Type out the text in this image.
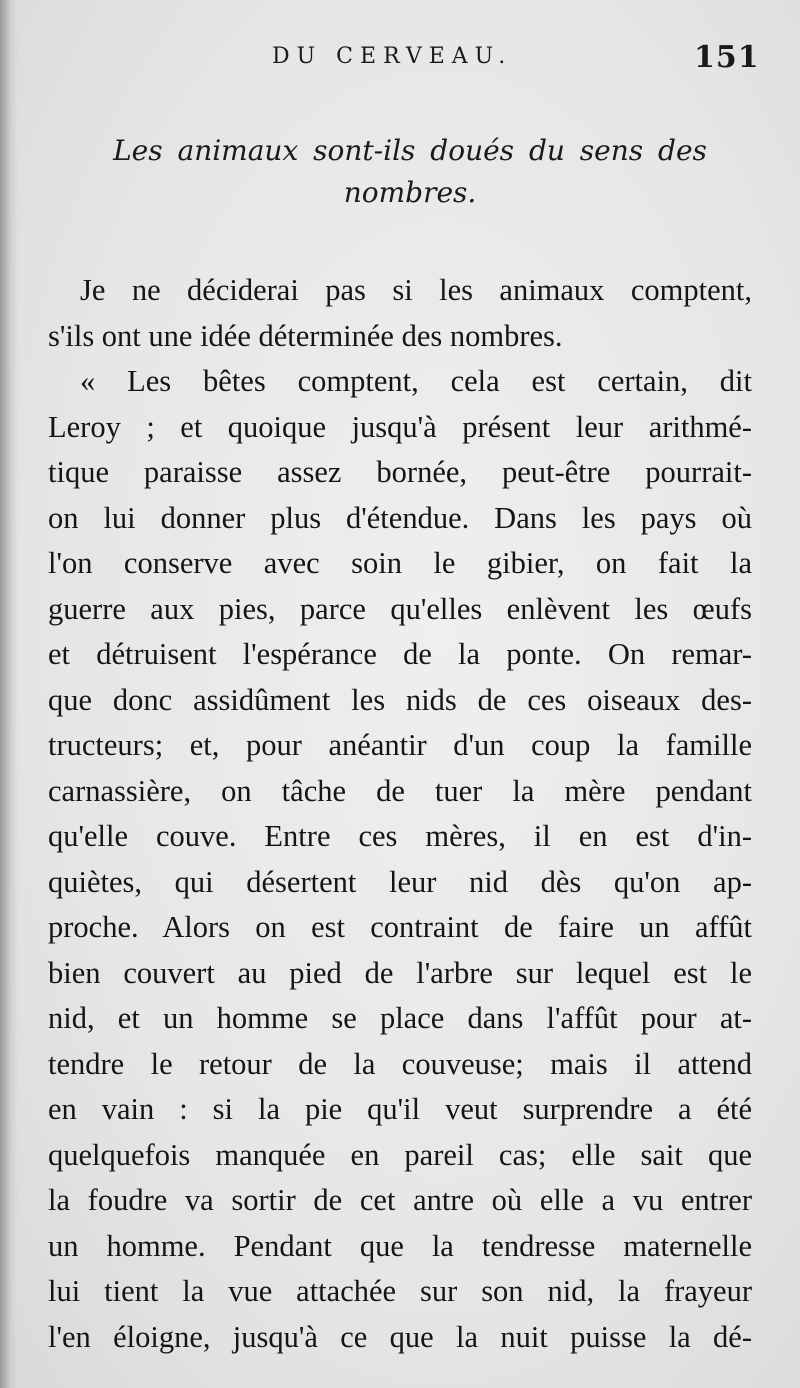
DU CERVEAU.	151
Les animaux sont-ils doués du sens des
nombres.
Je ne déciderai pas si les animaux comptent,
s'ils ont une idée déterminée des nombres.
« Les bêtes comptent, cela est certain, dit
Leroy ; et quoique jusqu'à présent leur arithmé-
tique paraisse assez bornée, peut-être pourrait-
on lui donner plus d'étendue. Dans les pays où
l'on conserve avec soin le gibier, on fait la
guerre aux pies, parce qu'elles enlèvent les œufs
et détruisent l'espérance de la ponte. On remar-
que donc assidûment les nids de ces oiseaux des-
tructeurs; et, pour anéantir d'un coup la famille
carnassière, on tâche de tuer la mère pendant
qu'elle couve. Entre ces mères, il en est d'in-
quiètes, qui désertent leur nid dès qu'on ap-
proche. Alors on est contraint de faire un affût
bien couvert au pied de l'arbre sur lequel est le
nid, et un homme se place dans l'affût pour at-
tendre le retour de la couveuse; mais il attend
en vain : si la pie qu'il veut surprendre a été
quelquefois manquée en pareil cas; elle sait que
la foudre va sortir de cet antre où elle a vu entrer
un homme. Pendant que la tendresse maternelle
lui tient la vue attachée sur son nid, la frayeur
l'en éloigne, jusqu'à ce que la nuit puisse la dé-
